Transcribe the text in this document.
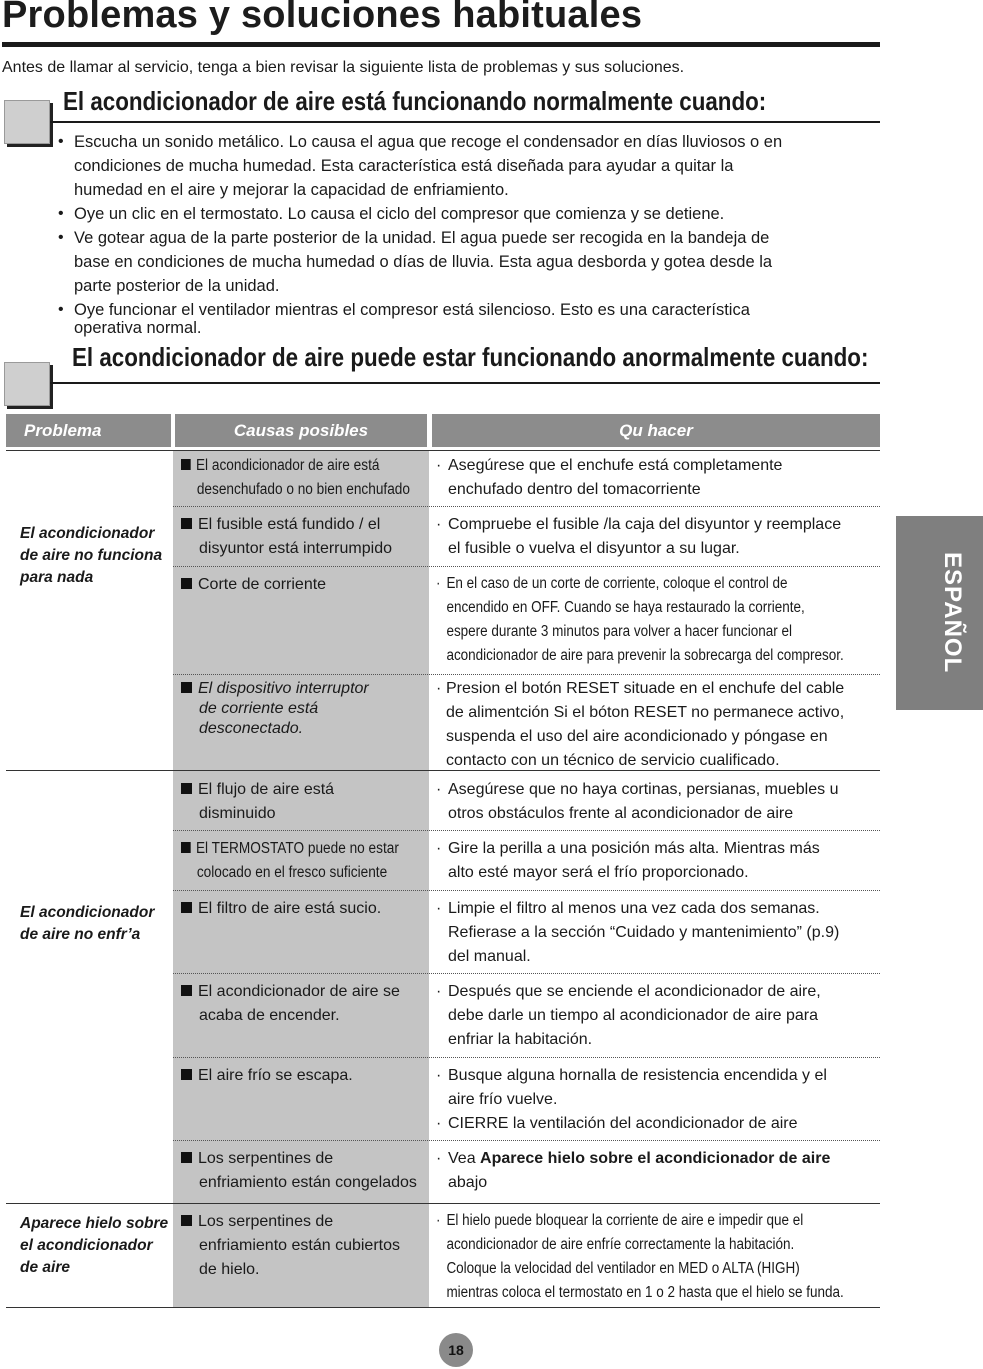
Problemas y soluciones habituales
Antes de llamar al servicio, tenga a bien revisar la siguiente lista de problemas y sus soluciones.
El acondicionador de aire está funcionando normalmente cuando:
• Escucha un sonido metálico. Lo causa el agua que recoge el condensador en días lluviosos o en
condiciones de mucha humedad. Esta característica está diseñada para ayudar a quitar la
humedad en el aire y mejorar la capacidad de enfriamiento.
• Oye un clic en el termostato. Lo causa el ciclo del compresor que comienza y se detiene.
• Ve gotear agua de la parte posterior de la unidad. El agua puede ser recogida en la bandeja de
base en condiciones de mucha humedad o días de lluvia. Esta agua desborda y gotea desde la
parte posterior de la unidad.
• Oye funcionar el ventilador mientras el compresor está silencioso. Esto es una característica
operativa normal.
El acondicionador de aire puede estar funcionando anormalmente cuando:
Problema	Causas posibles	Qu hacer
El acondicionador
de aire no funciona
para nada
El acondicionador
de aire no enfr’a
Aparece hielo sobre
el acondicionador
de aire
El acondicionador de aire está
desenchufado o no bien enchufado
El fusible está fundido / el
disyuntor está interrumpido
Corte de corriente
El dispositivo interruptor
de corriente está
desconectado.
El flujo de aire está
disminuido
El TERMOSTATO puede no estar
colocado en el fresco suficiente
El filtro de aire está sucio.
El acondicionador de aire se
acaba de encender.
El aire frío se escapa.
Los serpentines de
enfriamiento están congelados
Los serpentines de
enfriamiento están cubiertos
de hielo.
· Asegúrese que el enchufe está completamente
enchufado dentro del tomacorriente
· Compruebe el fusible /la caja del disyuntor y reemplace
el fusible o vuelva el disyuntor a su lugar.
· En el caso de un corte de corriente, coloque el control de
encendido en OFF. Cuando se haya restaurado la corriente,
espere durante 3 minutos para volver a hacer funcionar el
acondicionador de aire para prevenir la sobrecarga del compresor.
· Presion el botón RESET situade en el enchufe del cable
de alimentción Si el bóton RESET no permanece activo,
suspenda el uso del aire acondicionado y póngase en
contacto con un técnico de servicio cualificado.
· Asegúrese que no haya cortinas, persianas, muebles u
otros obstáculos frente al acondicionador de aire
· Gire la perilla a una posición más alta. Mientras más
alto esté mayor será el frío proporcionado.
· Limpie el filtro al menos una vez cada dos semanas.
Refierase a la sección “Cuidado y mantenimiento” (p.9)
del manual.
· Después que se enciende el acondicionador de aire,
debe darle un tiempo al acondicionador de aire para
enfriar la habitación.
· Busque alguna hornalla de resistencia encendida y el
aire frío vuelve.
· CIERRE la ventilación del acondicionador de aire
· Vea Aparece hielo sobre el acondicionador de aire
abajo
· El hielo puede bloquear la corriente de aire e impedir que el
acondicionador de aire enfríe correctamente la habitación.
Coloque la velocidad del ventilador en MED o ALTA (HIGH)
mientras coloca el termostato en 1 o 2 hasta que el hielo se funda.
ESPAÑOL
18
